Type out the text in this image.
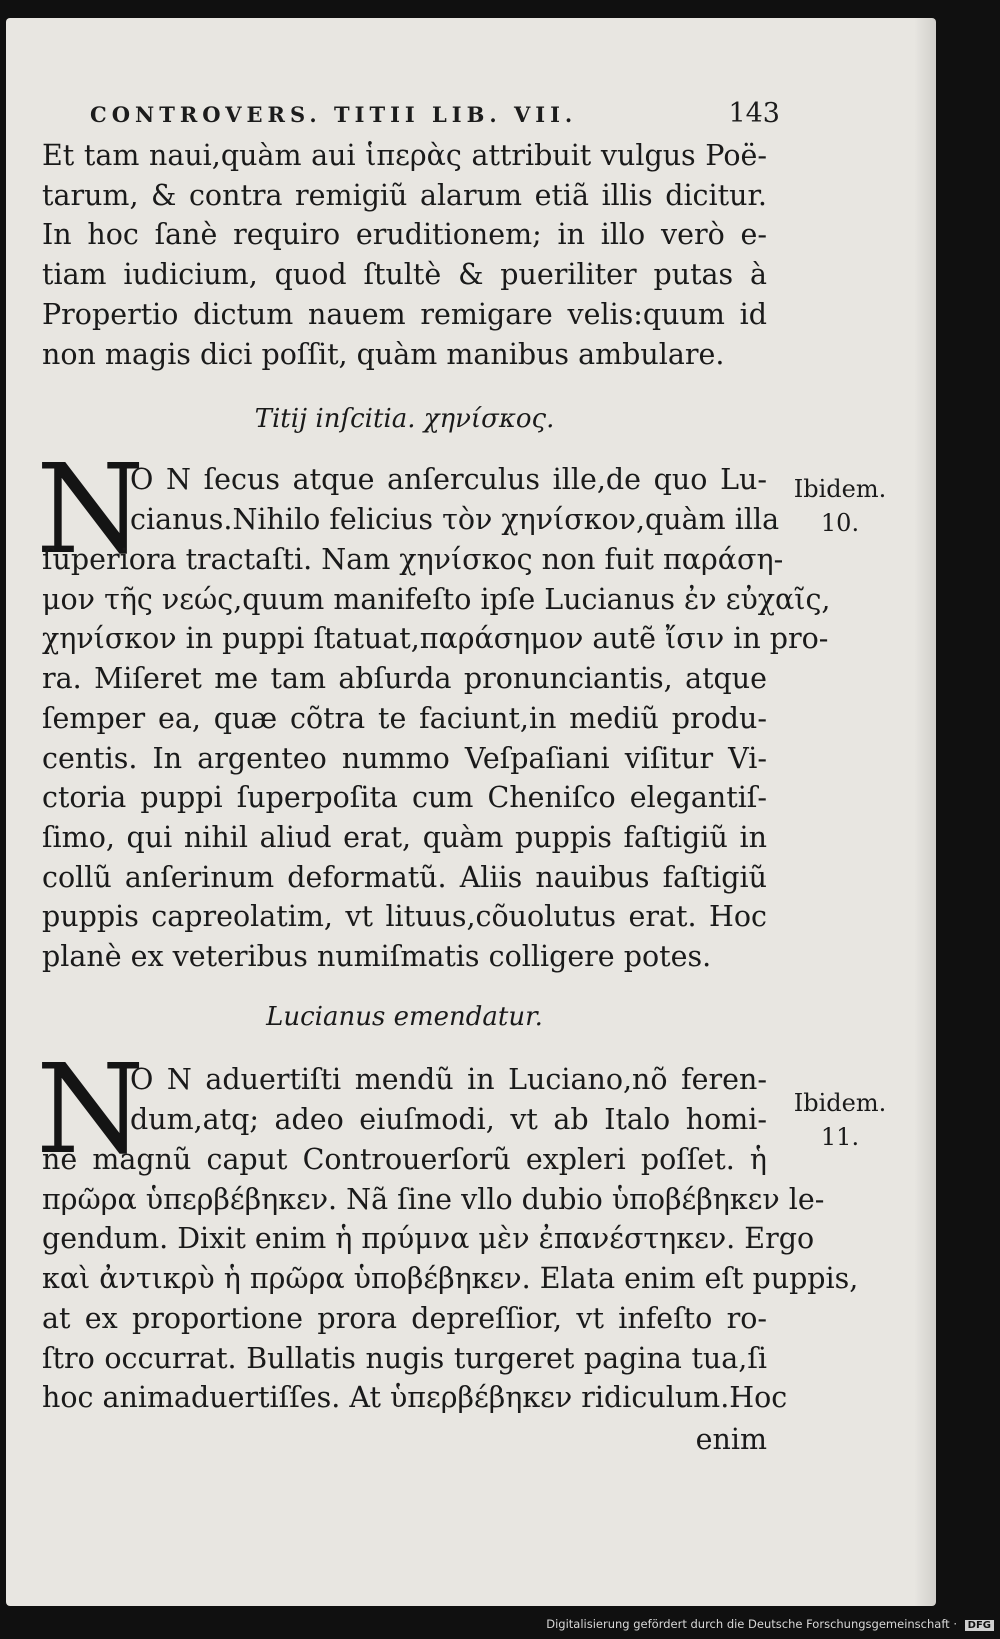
CONTROVERS. TITII LIB. VII.	143
Et tam naui,quàm aui ἱπερὰς attribuit vulgus Poë-
tarum, & contra remigiũ alarum etiã illis dicitur.
In hoc ſanè requiro eruditionem; in illo verò e-
tiam iudicium, quod ſtultè & pueriliter putas à
Propertio dictum nauem remigare velis:quum id
non magis dici poſſit, quàm manibus ambulare.
Titij inſcitia. χηνίσκος.
N
O N ſecus atque anſerculus ille,de quo Lu-
cianus.Nihilo felicius τὸν χηνίσκον,quàm illa
ſuperiora tractaſti. Nam χηνίσκος non fuit παράση-
μον τῆς νεώς,quum manifeſto ipſe Lucianus ἐν εὐχαῖς,
χηνίσκον in puppi ſtatuat,παράσημον autẽ ἴσιν in pro-
ra. Miſeret me tam abſurda pronunciantis, atque
ſemper ea, quæ cõtra te faciunt,in mediũ produ-
centis. In argenteo nummo Veſpaſiani viſitur Vi-
ctoria puppi ſuperpoſita cum Cheniſco elegantiſ-
ſimo, qui nihil aliud erat, quàm puppis faſtigiũ in
collũ anſerinum deformatũ. Aliis nauibus faſtigiũ
puppis capreolatim, vt lituus,cõuolutus erat. Hoc
planè ex veteribus numiſmatis colligere potes.
Ibidem.
10.
Lucianus emendatur.
N
O N aduertiſti mendũ in Luciano,nõ feren-
dum,atq; adeo eiuſmodi, vt ab Italo homi-
ne magnũ caput Controuerſorũ expleri poſſet. ἡ
πρῶρα ὑπερβέβηκεν. Nã ſine vllo dubio ὑποβέβηκεν le-
gendum. Dixit enim ἡ πρύμνα μὲν ἐπανέστηκεν. Ergo
καὶ ἀντικρὺ ἡ πρῶρα ὑποβέβηκεν. Elata enim eſt puppis,
at ex proportione prora depreſſior, vt infeſto ro-
ſtro occurrat. Bullatis nugis turgeret pagina tua,ſi
hoc animaduertiſſes. At ὑπερβέβηκεν ridiculum.Hoc
enim
Ibidem.
11.
Digitalisierung gefördert durch die Deutsche Forschungsgemeinschaft · DFG
